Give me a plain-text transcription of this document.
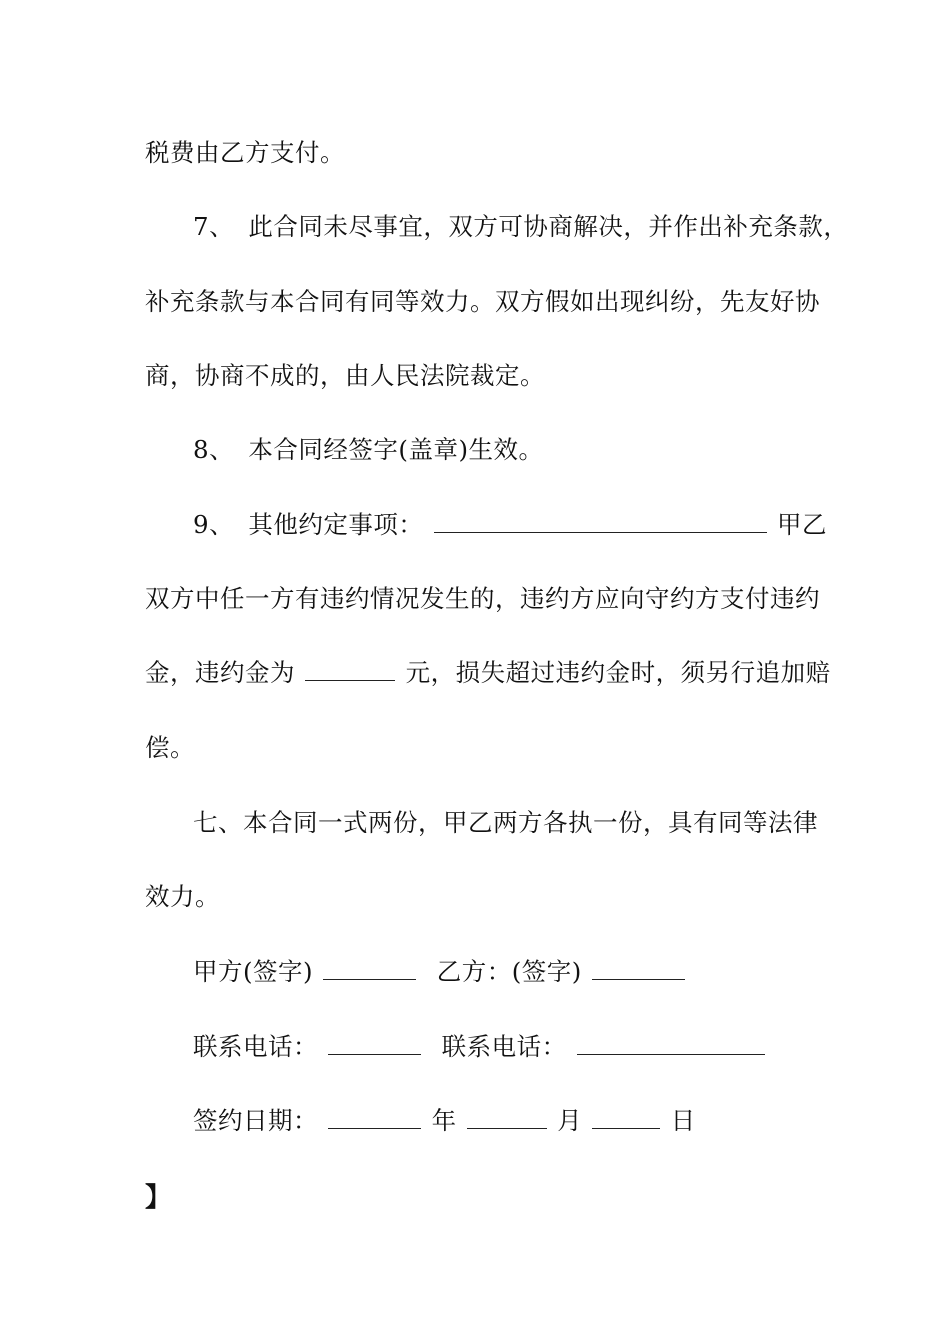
税费由乙方支付。
7、 此合同未尽事宜，双方可协商解决，并作出补充条款，
补充条款与本合同有同等效力。双方假如出现纠纷，先友好协
商，协商不成的，由人民法院裁定。
8、 本合同经签字(盖章)生效。
9、 其他约定事项：	甲乙
双方中任一方有违约情况发生的，违约方应向守约方支付违约
金，违约金为	元，损失超过违约金时，须另行追加赔
偿。
七、本合同一式两份，甲乙两方各执一份，具有同等法律
效力。
甲方(签字)	乙方：(签字)
联系电话：	联系电话：
签约日期：	年	月	日
】
